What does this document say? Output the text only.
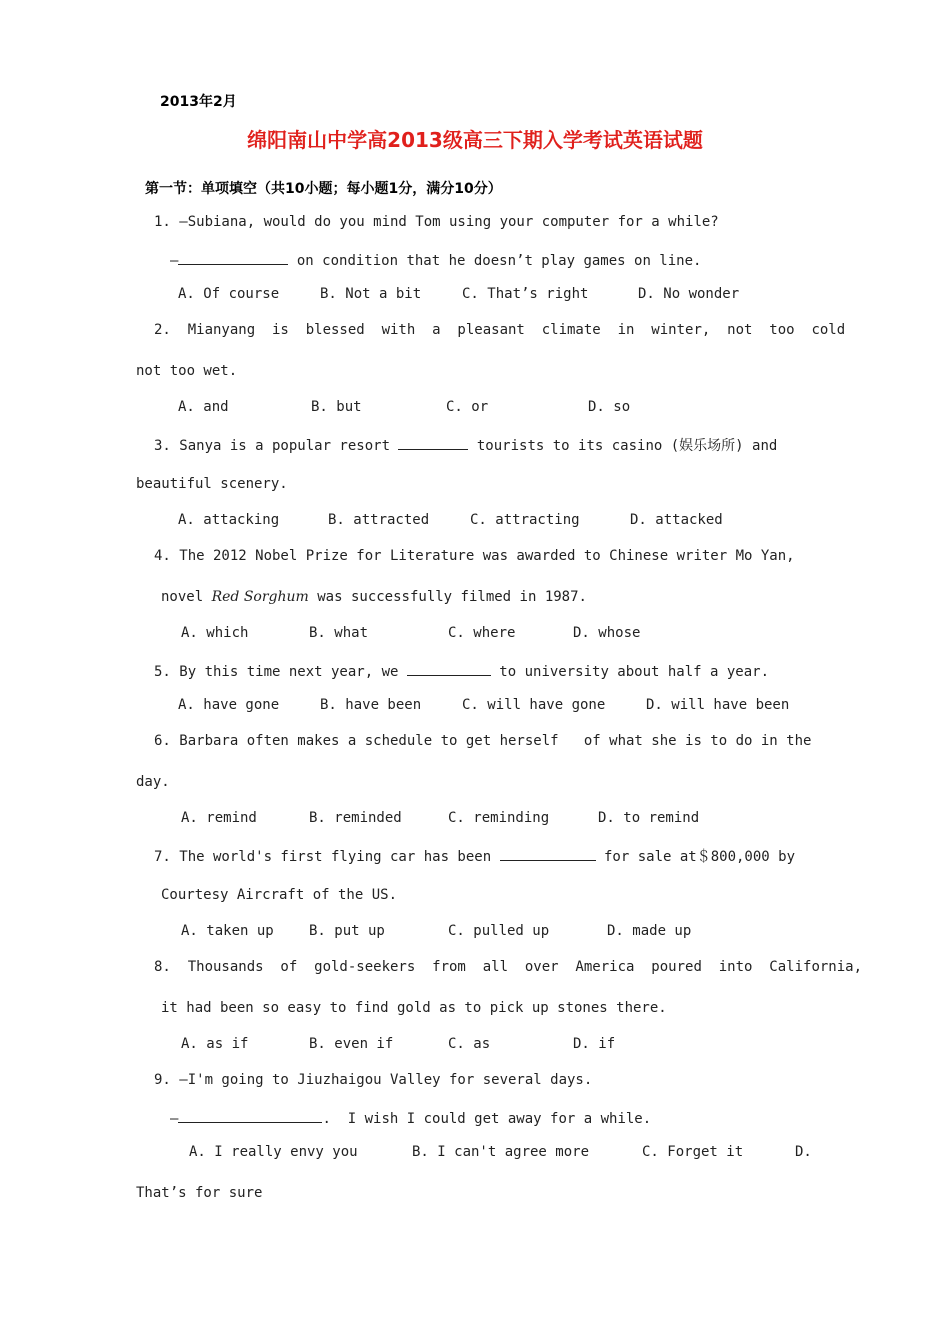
2013年2月
绵阳南山中学高2013级高三下期入学考试英语试题
第一节：单项填空（共10小题；每小题1分，满分10分）
1. —Subiana, would do you mind Tom using your computer for a while?
—	on condition that he doesn’t play games on line.
A. Of course	B. Not a bit	C. That’s right	D. No wonder
2.  Mianyang  is  blessed  with  a  pleasant  climate  in  winter,  not  too  cold
not too wet.
A. and	B. but	C. or	D. so
3. Sanya is a popular resort	tourists to its casino (娱乐场所) and
beautiful scenery.
A. attacking	B. attracted	C. attracting	D. attacked
4. The 2012 Nobel Prize for Literature was awarded to Chinese writer Mo Yan,
novel Red Sorghum was successfully filmed in 1987.
A. which	B. what	C. where	D. whose
5. By this time next year, we	to university about half a year.
A. have gone	B. have been	C. will have gone	D. will have been
6. Barbara often makes a schedule to get herself   of what she is to do in the
day.
A. remind	B. reminded	C. reminding	D. to remind
7. The world's first flying car has been	for sale at＄800,000 by
Courtesy Aircraft of the US.
A. taken up	B. put up	C. pulled up	D. made up
8.  Thousands  of  gold-seekers  from  all  over  America  poured  into  California,
it had been so easy to find gold as to pick up stones there.
A. as if	B. even if	C. as	D. if
9. —I'm going to Jiuzhaigou Valley for several days.
—	.  I wish I could get away for a while.
A. I really envy you	B. I can't agree more	C. Forget it	D.
That’s for sure
